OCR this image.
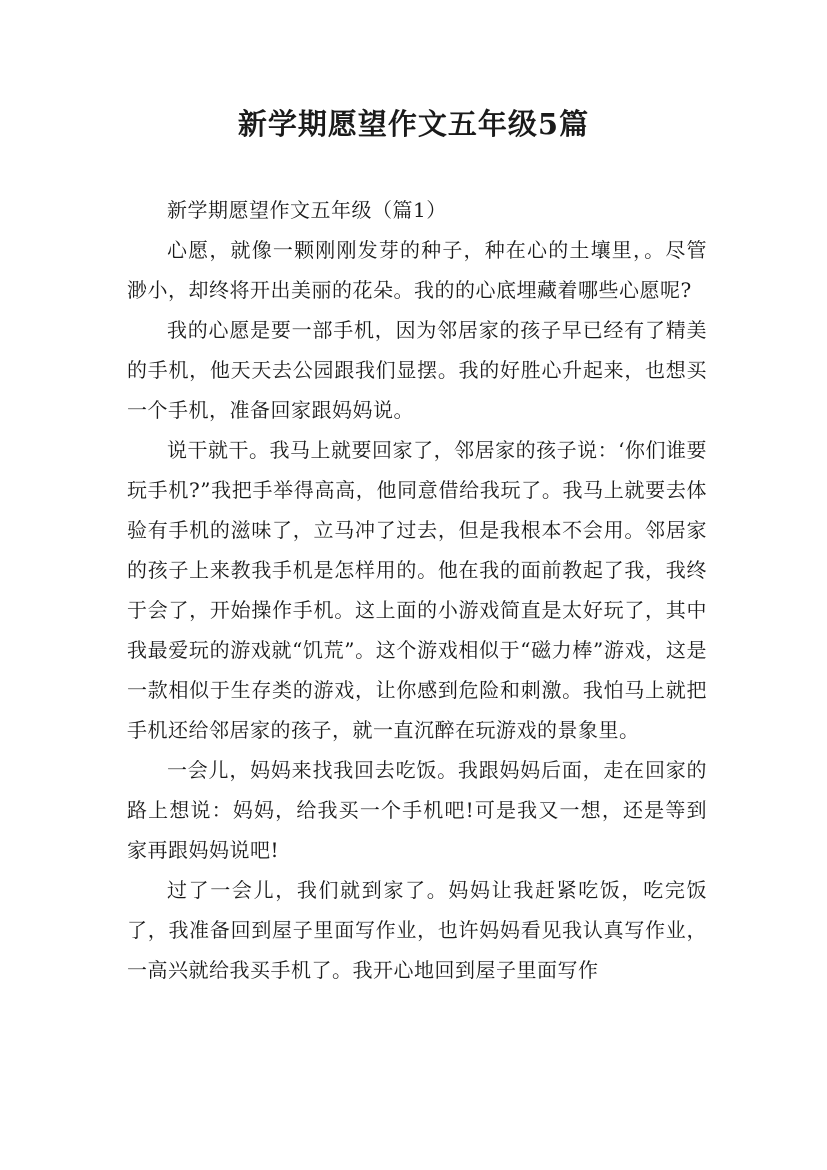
新学期愿望作文五年级5篇

新学期愿望作文五年级（篇1）

心愿，就像一颗刚刚发芽的种子，种在心的土壤里，。尽管渺小，却终将开出美丽的花朵。我的的心底埋藏着哪些心愿呢?

我的心愿是要一部手机，因为邻居家的孩子早已经有了精美的手机，他天天去公园跟我们显摆。我的好胜心升起来，也想买一个手机，准备回家跟妈妈说。

说干就干。我马上就要回家了，邻居家的孩子说：‘你们谁要玩手机?”我把手举得高高，他同意借给我玩了。我马上就要去体验有手机的滋味了，立马冲了过去，但是我根本不会用。邻居家的孩子上来教我手机是怎样用的。他在我的面前教起了我，我终于会了，开始操作手机。这上面的小游戏简直是太好玩了，其中我最爱玩的游戏就“饥荒”。这个游戏相似于“磁力棒”游戏，这是一款相似于生存类的游戏，让你感到危险和刺激。我怕马上就把手机还给邻居家的孩子，就一直沉醉在玩游戏的景象里。

一会儿，妈妈来找我回去吃饭。我跟妈妈后面，走在回家的路上想说：妈妈，给我买一个手机吧!可是我又一想，还是等到家再跟妈妈说吧!

过了一会儿，我们就到家了。妈妈让我赶紧吃饭，吃完饭了，我准备回到屋子里面写作业，也许妈妈看见我认真写作业，一高兴就给我买手机了。我开心地回到屋子里面写作
